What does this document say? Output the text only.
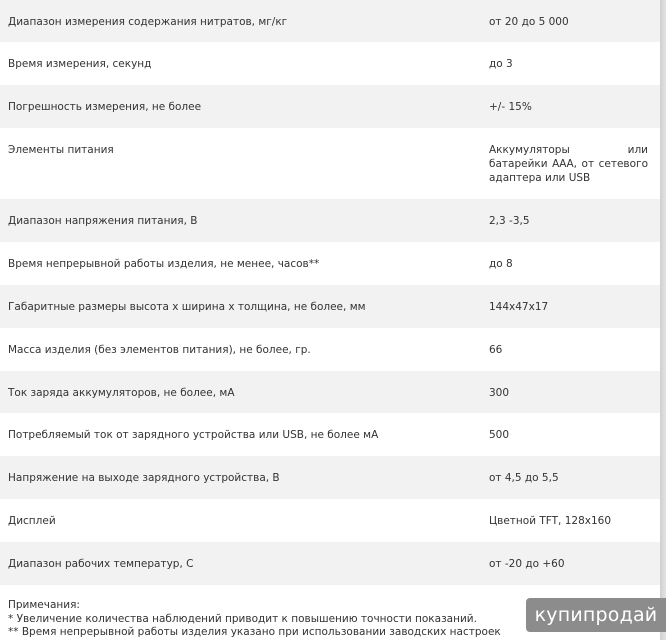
Диапазон измерения содержания нитратов, мг/кг	от 20 до 5 000
Время измерения, секунд	до 3
Погрешность измерения, не более	+/- 15%
Элементы питания	Аккумуляторы или батарейки ААА, от сетевого адаптера или USB
Диапазон напряжения питания, В	2,3 -3,5
Время непрерывной работы изделия, не менее, часов**	до 8
Габаритные размеры высота х ширина х толщина, не более, мм	144х47х17
Масса изделия (без элементов питания), не более, гр.	66
Ток заряда аккумуляторов, не более, мА	300
Потребляемый ток от зарядного устройства или USB, не более мА	500
Напряжение на выходе зарядного устройства, В	от 4,5 до 5,5
Дисплей	Цветной TFT, 128х160
Диапазон рабочих температур, С	от -20 до +60
Примечания:
* Увеличение количества наблюдений приводит к повышению точности показаний.
** Время непрерывной работы изделия указано при использовании заводских настроек
купипродай
